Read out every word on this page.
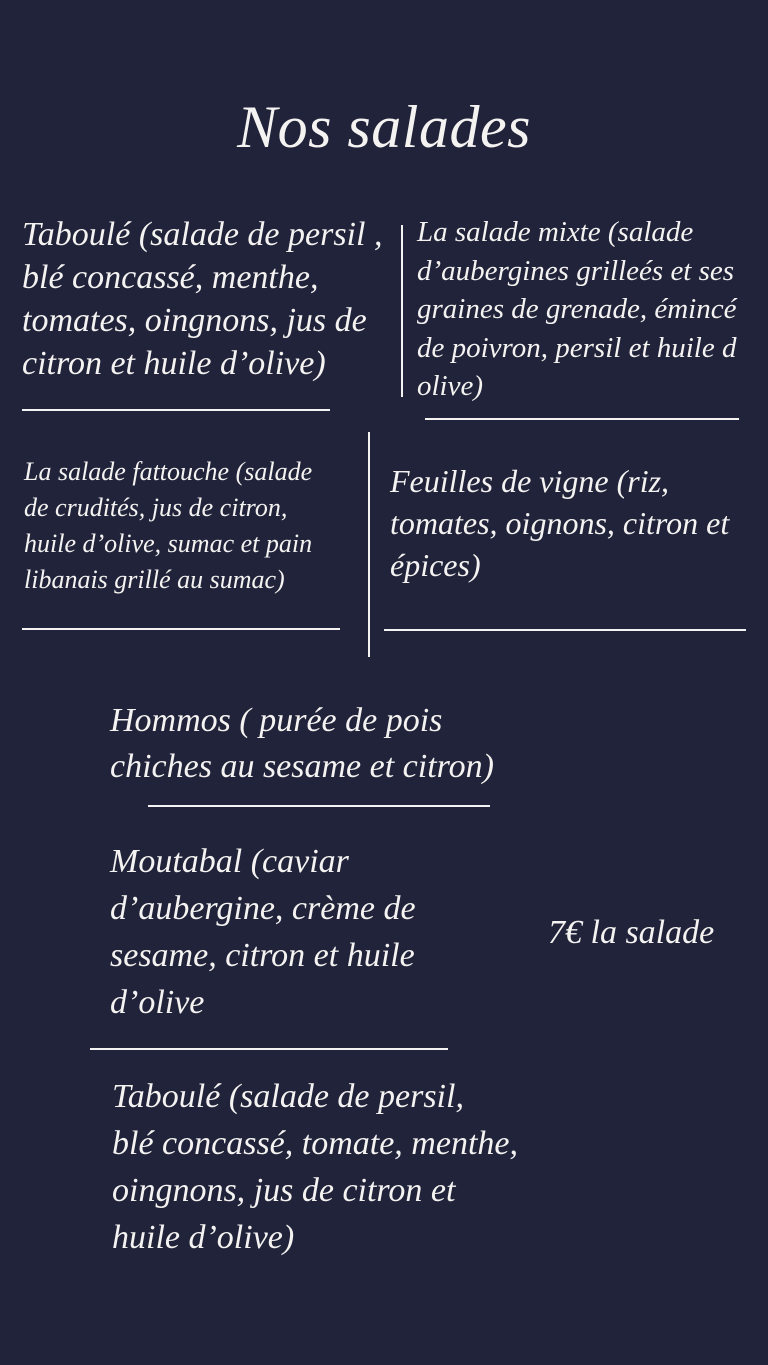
Nos salades
Taboulé (salade de persil ,
blé concassé, menthe,
tomates, oingnons, jus de
citron et huile d’olive)
La salade mixte (salade
d’aubergines grilleés et ses
graines de grenade, émincé
de poivron, persil et huile d
olive)
La salade fattouche (salade
de crudités, jus de citron,
huile d’olive, sumac et pain
libanais grillé au sumac)
Feuilles de vigne (riz,
tomates, oignons, citron et
épices)
Hommos ( purée de pois
chiches au sesame et citron)
Moutabal (caviar
d’aubergine, crème de
sesame, citron et huile
d’olive
7€ la salade
Taboulé (salade de persil,
blé concassé, tomate, menthe,
oingnons, jus de citron et
huile d’olive)
